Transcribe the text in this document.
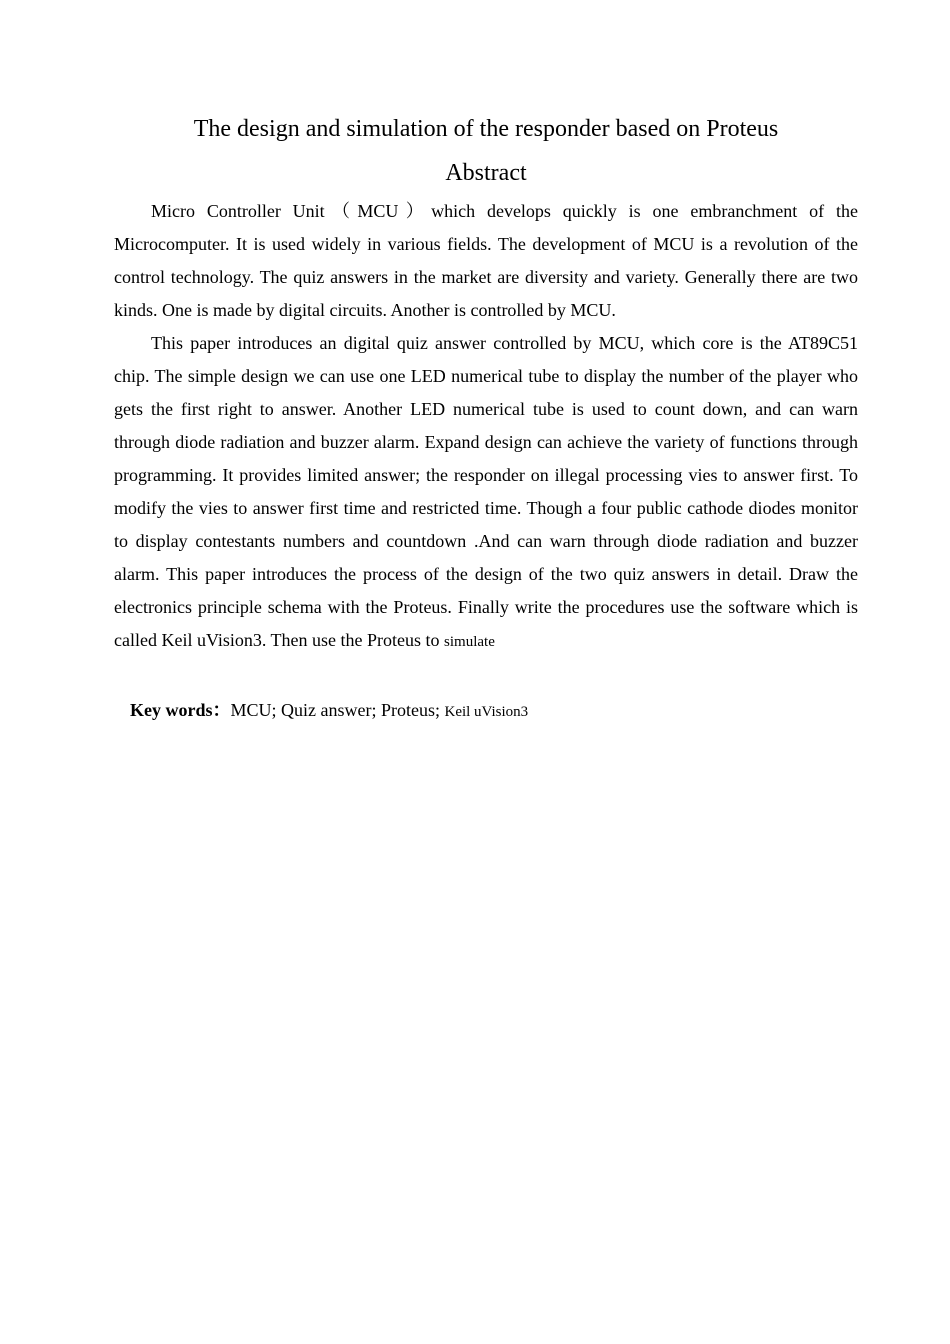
The design and simulation of the responder based on Proteus
Abstract

Micro Controller Unit（MCU）which develops quickly is one embranchment of the Microcomputer. It is used widely in various fields. The development of MCU is a revolution of the control technology. The quiz answers in the market are diversity and variety. Generally there are two kinds. One is made by digital circuits. Another is controlled by MCU.

This paper introduces an digital quiz answer controlled by MCU, which core is the AT89C51 chip. The simple design we can use one LED numerical tube to display the number of the player who gets the first right to answer. Another LED numerical tube is used to count down, and can warn through diode radiation and buzzer alarm. Expand design can achieve the variety of functions through programming. It provides limited answer; the responder on illegal processing vies to answer first. To modify the vies to answer first time and restricted time. Though a four public cathode diodes monitor to display contestants numbers and countdown .And can warn through diode radiation and buzzer alarm. This paper introduces the process of the design of the two quiz answers in detail. Draw the electronics principle schema with the Proteus. Finally write the procedures use the software which is called Keil uVision3. Then use the Proteus to simulate

Key words：MCU; Quiz answer; Proteus; Keil uVision3
